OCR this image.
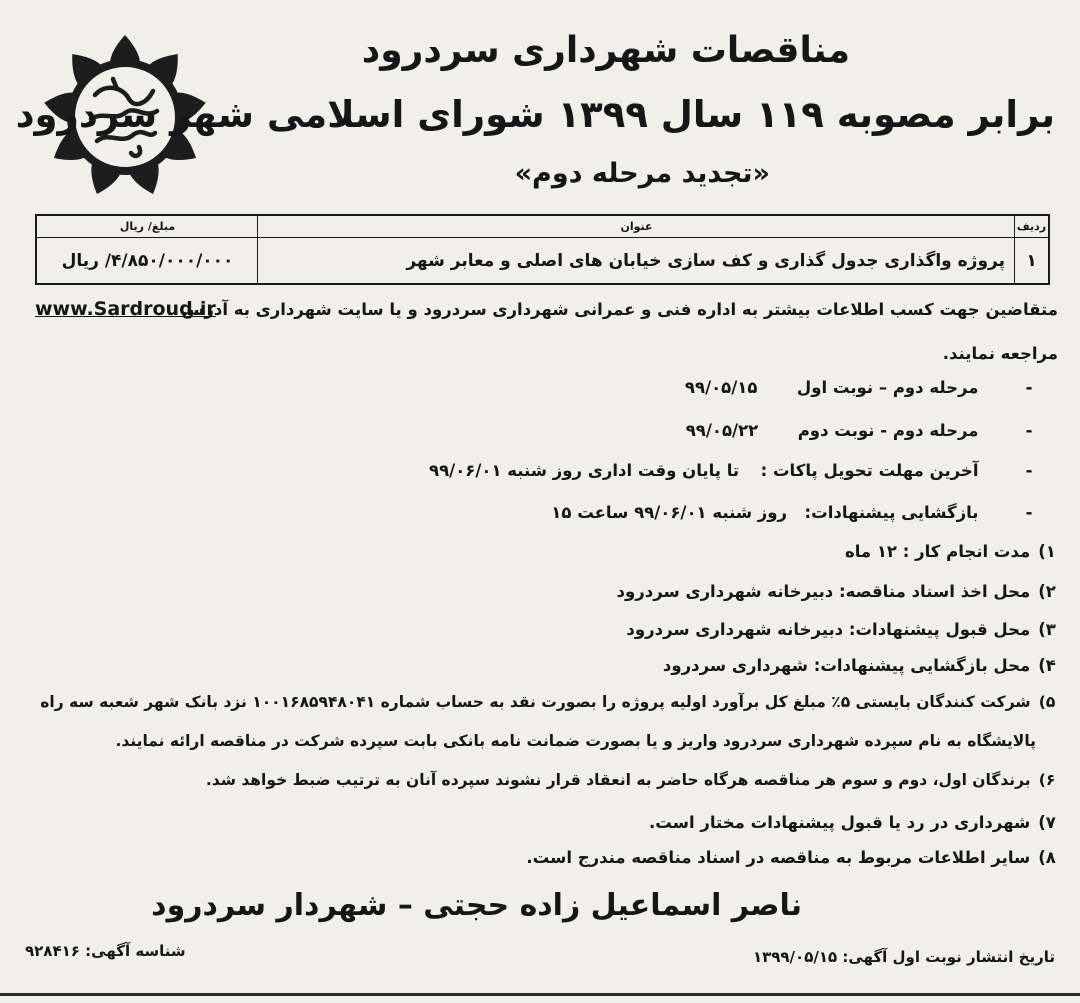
مناقصات شهرداری سردرود
برابر مصوبه ۱۱۹ سال ۱۳۹۹ شورای اسلامی شهر سردرود
«تجدید مرحله دوم»
ردیف
عنوان
مبلغ/ ریال
۱
پروژه واگذاری جدول گذاری و کف سازی خیابان های اصلی و معابر شهر
۴/۸۵۰/۰۰۰/۰۰۰/ ریال
متقاضین جهت کسب اطلاعات بیشتر به اداره فنی و عمرانی شهرداری سردرود و یا سایت شهرداری به آدرس
www.Sardroud.ir
مراجعه نمایند.
-  مرحله دوم – نوبت اول  ۹۹/۰۵/۱۵
-  مرحله دوم - نوبت دوم  ۹۹/۰۵/۲۲
-  آخرین مهلت تحویل پاکات :  تا پایان وقت اداری روز شنبه ۹۹/۰۶/۰۱
-  بازگشایی پیشنهادات:  روز شنبه ۹۹/۰۶/۰۱ ساعت ۱۵
۱) مدت انجام کار : ۱۲ ماه
۲) محل اخذ اسناد مناقصه: دبیرخانه شهرداری سردرود
۳) محل قبول پیشنهادات: دبیرخانه شهرداری سردرود
۴) محل بازگشایی پیشنهادات: شهرداری سردرود
۵) شرکت کنندگان بایستی ۵٪ مبلغ کل برآورد اولیه پروژه را بصورت نقد به حساب شماره ۱۰۰۱۶۸۵۹۴۸۰۴۱ نزد بانک شهر شعبه سه راه
پالایشگاه به نام سپرده شهرداری سردرود واریز و یا بصورت ضمانت نامه بانکی بابت سپرده شرکت در مناقصه ارائه نمایند.
۶) برندگان اول، دوم و سوم هر مناقصه هرگاه حاضر به انعقاد قرار نشوند سپرده آنان به ترتیب ضبط خواهد شد.
۷) شهرداری در رد یا قبول پیشنهادات مختار است.
۸) سایر اطلاعات مربوط به مناقصه در اسناد مناقصه مندرج است.
ناصر اسماعیل زاده حجتی – شهردار سردرود
تاریخ انتشار نوبت اول آگهی: ۱۳۹۹/۰۵/۱۵
شناسه آگهی: ۹۲۸۴۱۶
